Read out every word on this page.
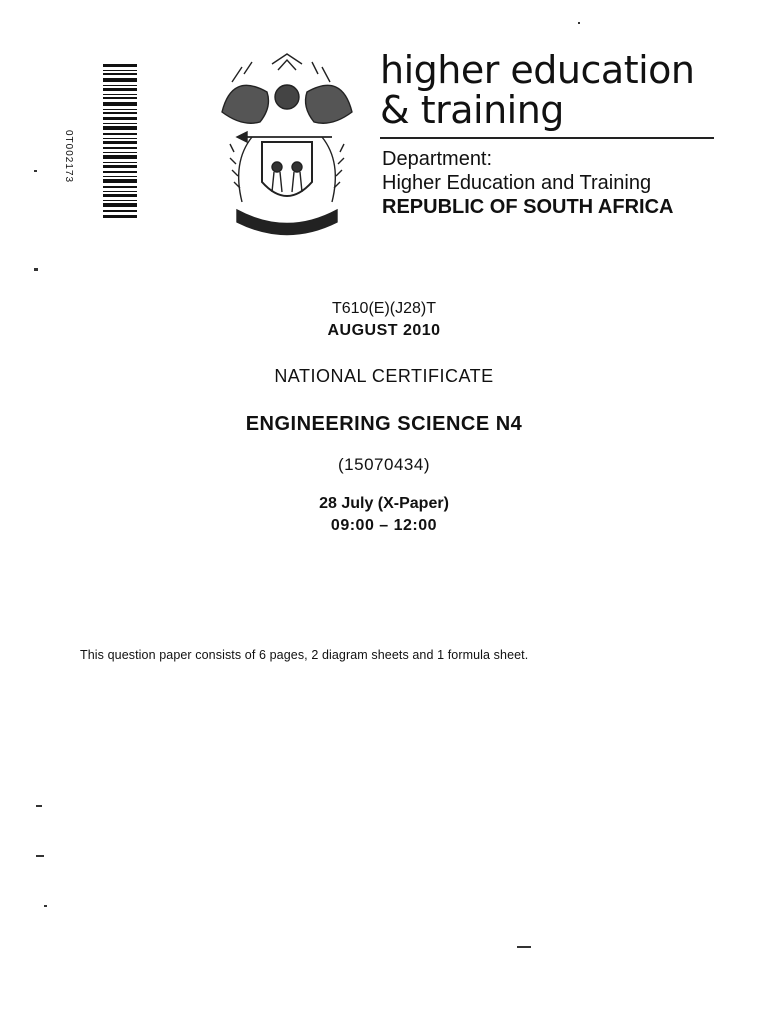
0T002173
higher education
& training
Department:
Higher Education and Training
REPUBLIC OF SOUTH AFRICA
T610(E)(J28)T
AUGUST 2010
NATIONAL CERTIFICATE
ENGINEERING SCIENCE N4
(15070434)
28 July (X-Paper)
09:00 – 12:00
This question paper consists of 6 pages, 2 diagram sheets and 1 formula sheet.
